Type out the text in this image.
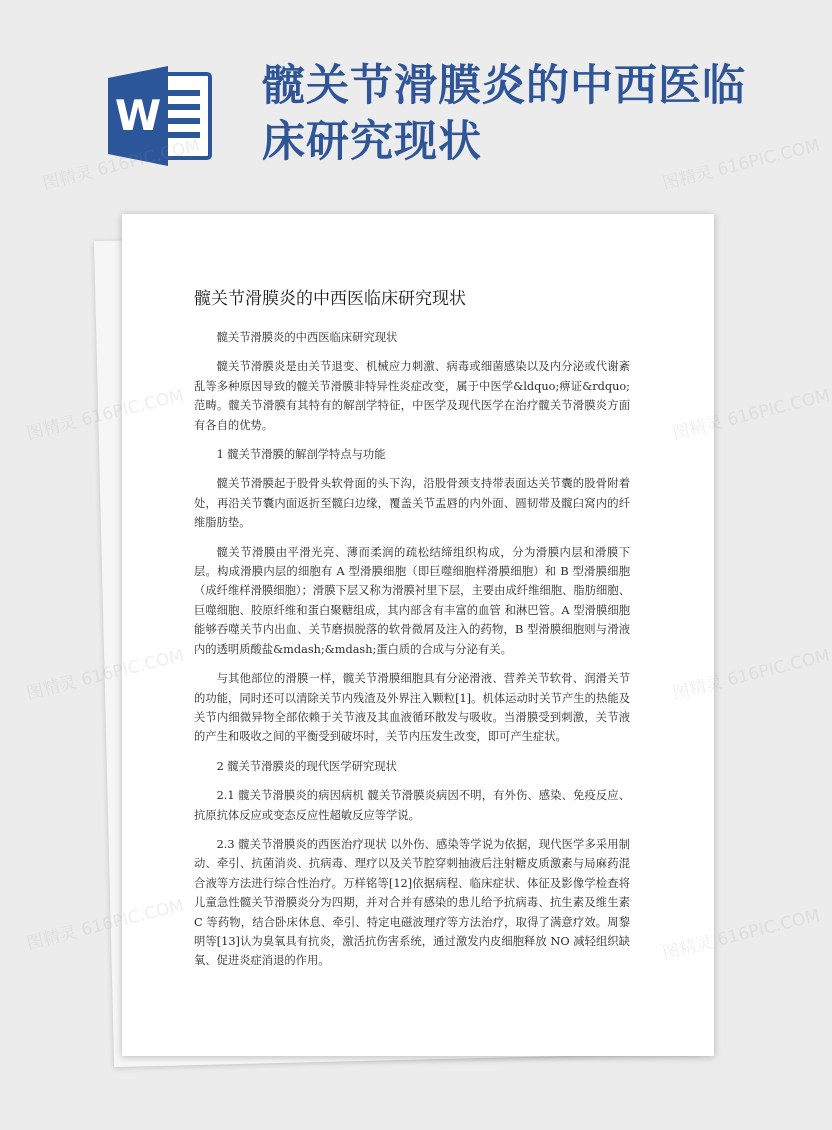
W
髋关节滑膜炎的中西医临床研究现状
髋关节滑膜炎的中西医临床研究现状

髋关节滑膜炎的中西医临床研究现状

髋关节滑膜炎是由关节退变、机械应力刺激、病毒或细菌感染以及内分泌或代谢紊乱等多种原因导致的髋关节滑膜非特异性炎症改变，属于中医学&ldquo;痹证&rdquo;范畴。髋关节滑膜有其特有的解剖学特征，中医学及现代医学在治疗髋关节滑膜炎方面有各自的优势。

1 髋关节滑膜的解剖学特点与功能

髋关节滑膜起于股骨头软骨面的头下沟，沿股骨颈支持带表面达关节囊的股骨附着处，再沿关节囊内面返折至髋臼边缘，覆盖关节盂唇的内外面、圆韧带及髋臼窝内的纤维脂肪垫。

髋关节滑膜由平滑光亮、薄而柔润的疏松结缔组织构成，分为滑膜内层和滑膜下层。构成滑膜内层的细胞有 A 型滑膜细胞（即巨噬细胞样滑膜细胞）和 B 型滑膜细胞（成纤维样滑膜细胞）；滑膜下层又称为滑膜衬里下层，主要由成纤维细胞、脂肪细胞、巨噬细胞、胶原纤维和蛋白聚糖组成，其内部含有丰富的血管 和淋巴管。A 型滑膜细胞能够吞噬关节内出血、关节磨损脱落的软骨微屑及注入的药物，B 型滑膜细胞则与滑液内的透明质酸盐&mdash;&mdash;蛋白质的合成与分泌有关。

与其他部位的滑膜一样，髋关节滑膜细胞具有分泌滑液、营养关节软骨、润滑关节的功能，同时还可以清除关节内残渣及外界注入颗粒[1]。机体运动时关节产生的热能及关节内细微异物全部依赖于关节液及其血液循环散发与吸收。当滑膜受到刺激，关节液的产生和吸收之间的平衡受到破坏时，关节内压发生改变，即可产生症状。

2 髋关节滑膜炎的现代医学研究现状

2.1 髋关节滑膜炎的病因病机 髋关节滑膜炎病因不明，有外伤、感染、免疫反应、抗原抗体反应或变态反应性超敏反应等学说。

2.3 髋关节滑膜炎的西医治疗现状 以外伤、感染等学说为依据，现代医学多采用制动、牵引、抗菌消炎、抗病毒、理疗以及关节腔穿刺抽液后注射糖皮质激素与局麻药混合液等方法进行综合性治疗。万样铭等[12]依据病程、临床症状、体征及影像学检查将儿童急性髋关节滑膜炎分为四期，并对合并有感染的患儿给予抗病毒、抗生素及维生素 C 等药物，结合卧床休息、牵引、特定电磁波理疗等方法治疗，取得了满意疗效。周黎明等[13]认为臭氧具有抗炎，激活抗伤害系统，通过激发内皮细胞释放 NO 减轻组织缺氧、促进炎症消退的作用。

图精灵 616PIC.COM	图精灵 616PIC.COM
图精灵	图精灵 616PIC.COM
图精灵	图精灵 616PIC.COM
图精灵 616PIC.COM	图精灵 616PIC.COM
